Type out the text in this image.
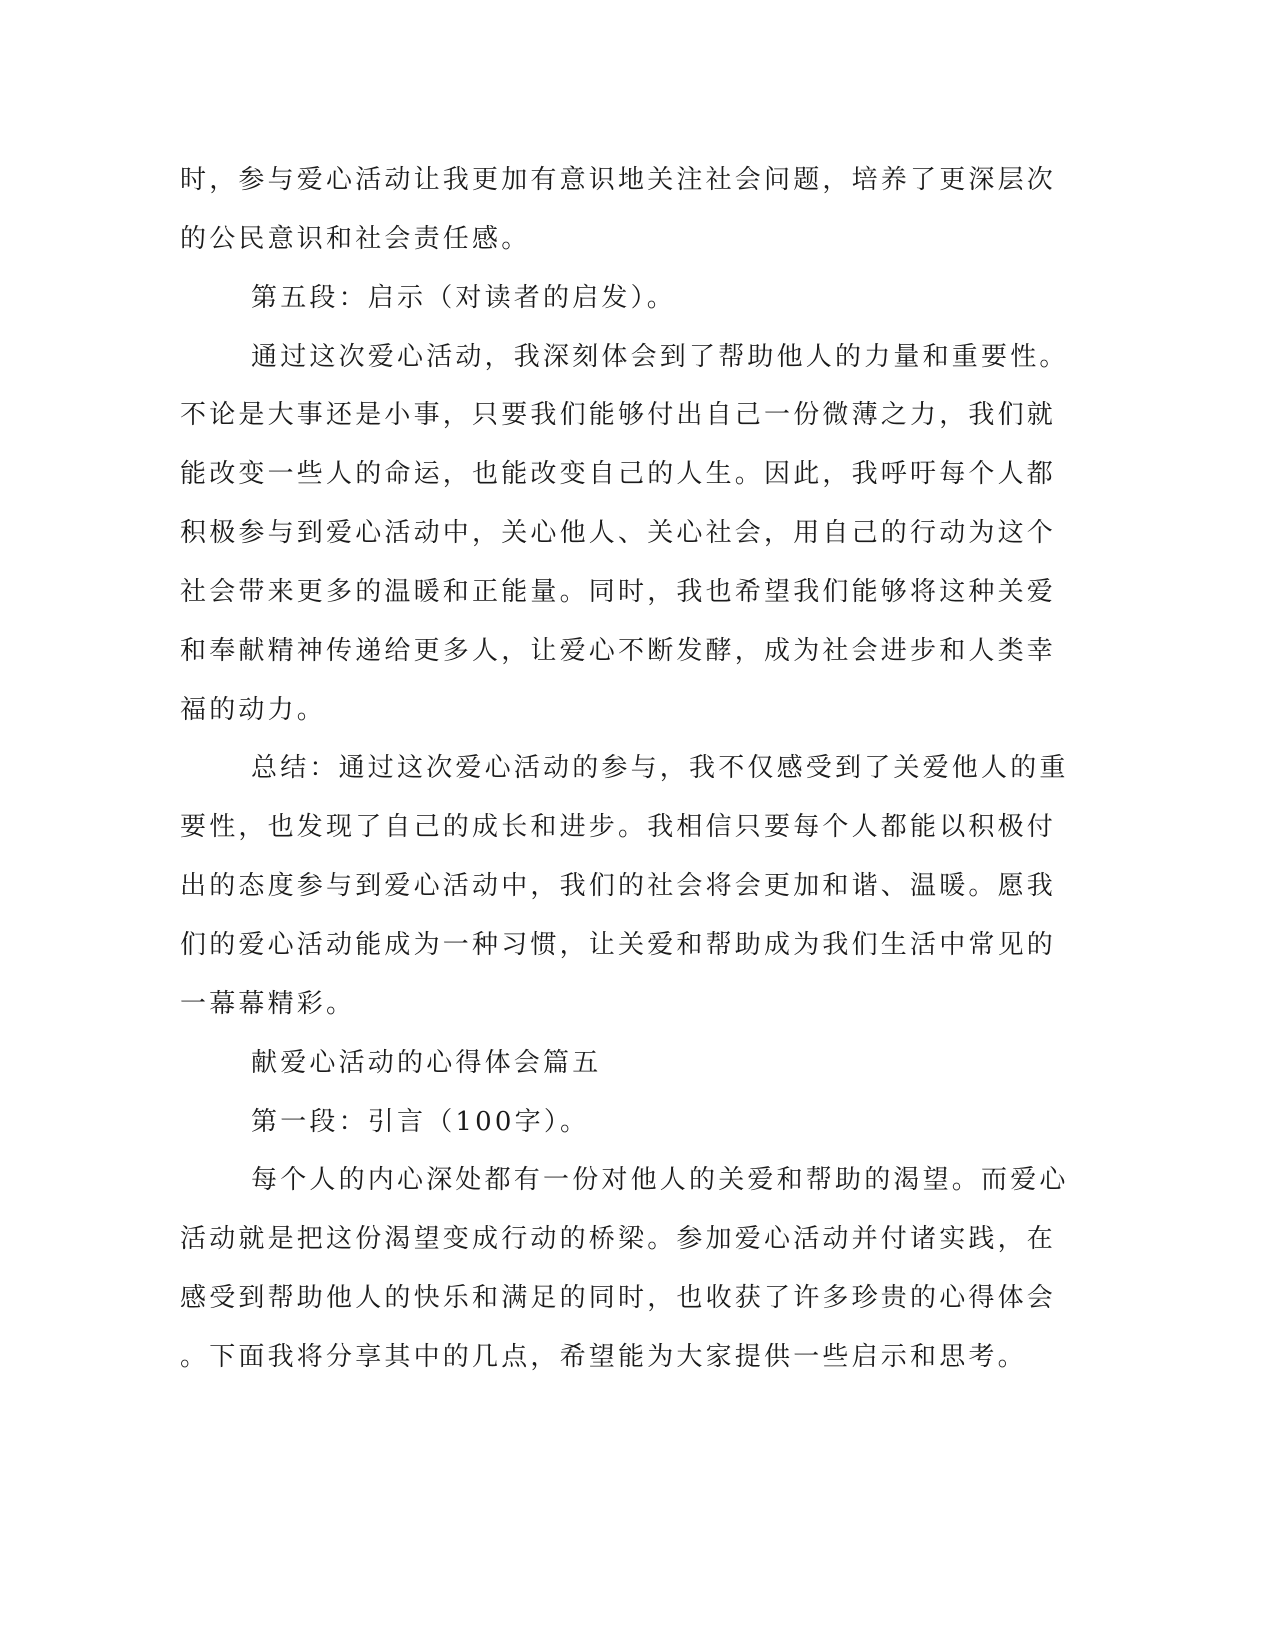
时，参与爱心活动让我更加有意识地关注社会问题，培养了更深层次
的公民意识和社会责任感。
第五段：启示（对读者的启发）。
通过这次爱心活动，我深刻体会到了帮助他人的力量和重要性。
不论是大事还是小事，只要我们能够付出自己一份微薄之力，我们就
能改变一些人的命运，也能改变自己的人生。因此，我呼吁每个人都
积极参与到爱心活动中，关心他人、关心社会，用自己的行动为这个
社会带来更多的温暖和正能量。同时，我也希望我们能够将这种关爱
和奉献精神传递给更多人，让爱心不断发酵，成为社会进步和人类幸
福的动力。
总结：通过这次爱心活动的参与，我不仅感受到了关爱他人的重
要性，也发现了自己的成长和进步。我相信只要每个人都能以积极付
出的态度参与到爱心活动中，我们的社会将会更加和谐、温暖。愿我
们的爱心活动能成为一种习惯，让关爱和帮助成为我们生活中常见的
一幕幕精彩。
献爱心活动的心得体会篇五
第一段：引言（100字）。
每个人的内心深处都有一份对他人的关爱和帮助的渴望。而爱心
活动就是把这份渴望变成行动的桥梁。参加爱心活动并付诸实践，在
感受到帮助他人的快乐和满足的同时，也收获了许多珍贵的心得体会
。下面我将分享其中的几点，希望能为大家提供一些启示和思考。
